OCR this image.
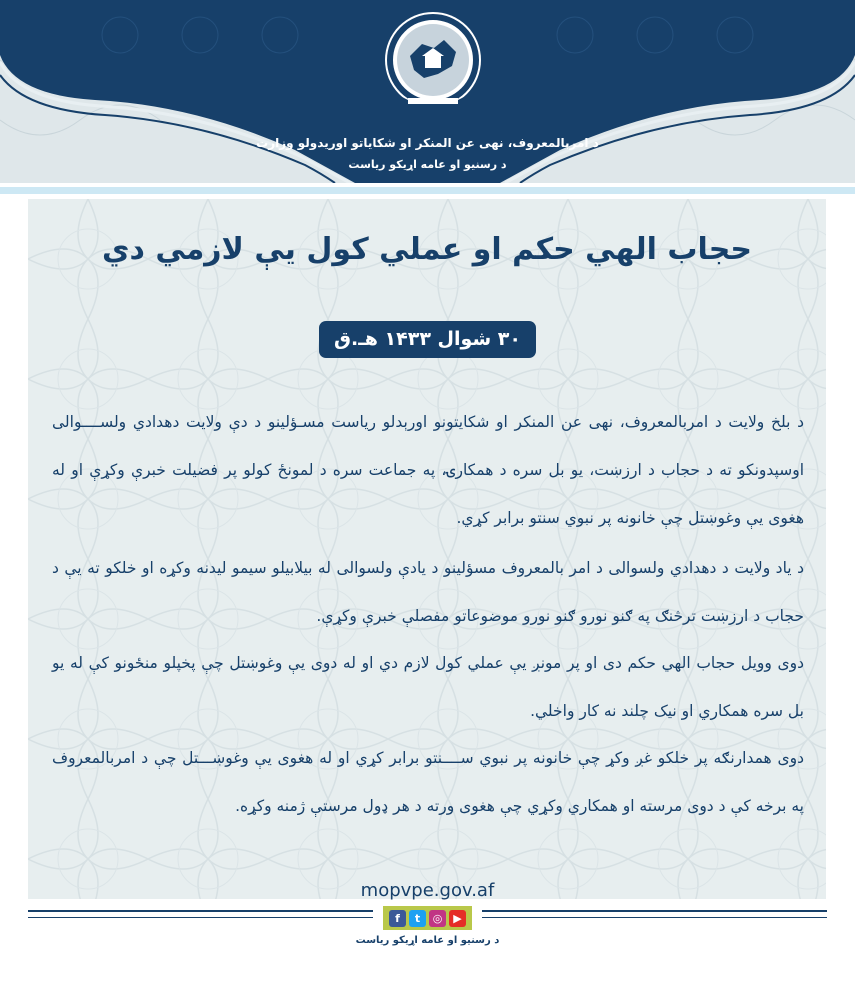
د امربالمعروف، نهی عن المنکر او شکایاتو اوریدولو وزارت
د رسنیو او عامه اړیکو ریاست
حجاب الهي حکم او عملي کول يې لازمي دي
۳۰ شوال ۱۴۳۳ هـ.ق
د بلخ ولایت د امربالمعروف، نهی عن المنکر او شکایتونو اورېدلو ریاست مسـؤلینو د دې ولایت دهدادي ولســــوالی اوسپدونکو ته د حجاب د ارزښت، یو بل سره د همکارۍ، په جماعت سره د لمونځ کولو پر فضیلت خبرې وکړې او له هغوی یې وغوښتل چې خانونه پر نبوي سنتو برابر کړي.
د یاد ولایت د دهدادي ولسوالی د امر بالمعروف مسؤلینو د یادې ولسوالی له بیلابیلو سیمو لیدنه وکړه او خلکو ته یې د حجاب د ارزښت ترڅنګ په ګنو نورو ګنو نورو موضوعاتو مفصلې خبرې وکړې.
دوی وویل حجاب الهي حکم دی او پر مونږ یې عملي کول لازم دي او له دوی یې وغوښتل چې پخپلو منځونو کې له یو بل سره همکاري او نیک چلند نه کار واخلي.
دوی همدارنګه پر خلکو غږ وکړ چې خانونه پر نبوي ســــنتو برابر کړي او له هغوی یې وغوښـــتل چې د امربالمعروف په برخه کې د دوی مرسته او همکاري وکړي چې هغوی ورته د هر ډول مرستې ژمنه وکړه.
mopvpe.gov.af
f	t	◎ ▶
د رسنیو او عامه اړیکو ریاست
